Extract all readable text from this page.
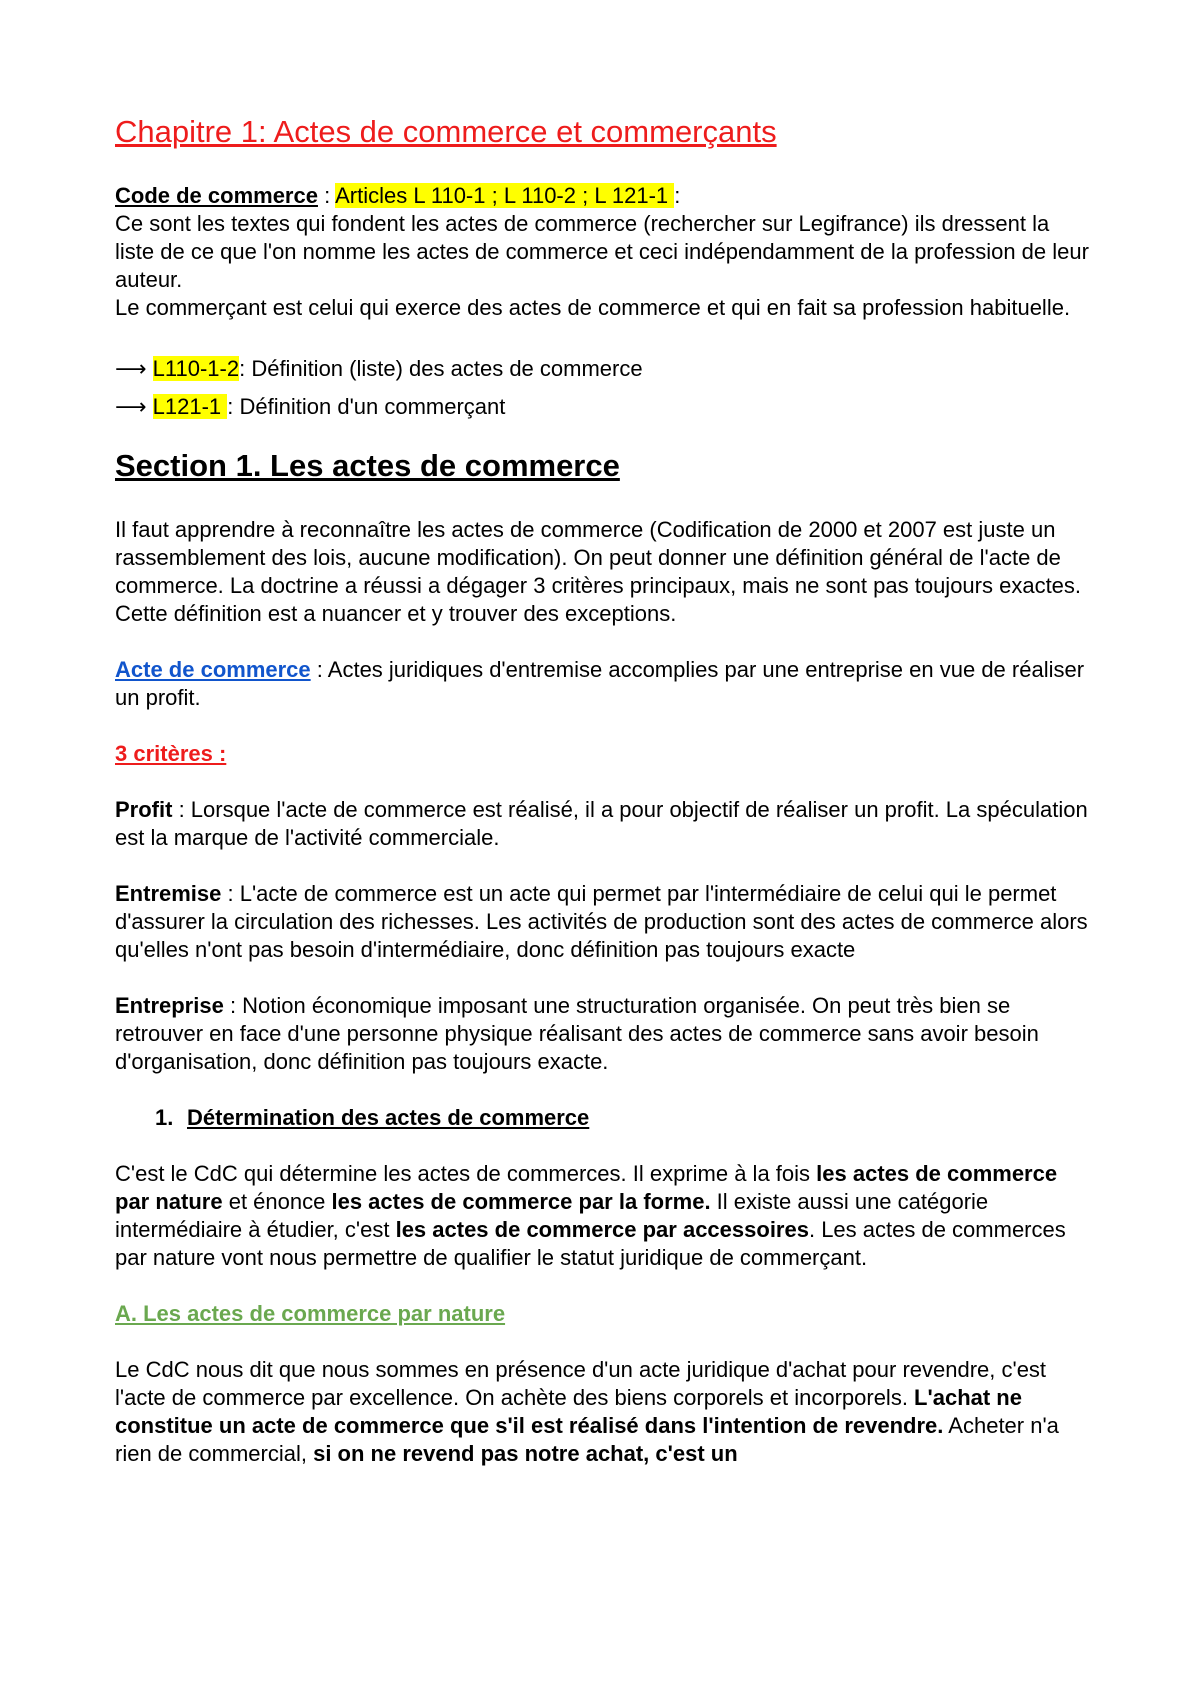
Chapitre 1: Actes de commerce et commerçants

Code de commerce : Articles L 110-1 ; L 110-2 ; L 121-1 :

Ce sont les textes qui fondent les actes de commerce (rechercher sur Legifrance) ils dressent la liste de ce que l'on nomme les actes de commerce et ceci indépendamment de la profession de leur auteur.

Le commerçant est celui qui exerce des actes de commerce et qui en fait sa profession habituelle.

⟶ L110-1-2: Définition (liste) des actes de commerce

⟶ L121-1 : Définition d'un commerçant

Section 1. Les actes de commerce

Il faut apprendre à reconnaître les actes de commerce (Codification de 2000 et 2007 est juste un rassemblement des lois, aucune modification). On peut donner une définition général de l'acte de commerce. La doctrine a réussi a dégager 3 critères principaux, mais ne sont pas toujours exactes. Cette définition est a nuancer et y trouver des exceptions.

Acte de commerce : Actes juridiques d'entremise accomplies par une entreprise en vue de réaliser un profit.

3 critères :

Profit : Lorsque l'acte de commerce est réalisé, il a pour objectif de réaliser un profit. La spéculation est la marque de l'activité commerciale.

Entremise : L'acte de commerce est un acte qui permet par l'intermédiaire de celui qui le permet d'assurer la circulation des richesses. Les activités de production sont des actes de commerce alors qu'elles n'ont pas besoin d'intermédiaire, donc définition pas toujours exacte

Entreprise : Notion économique imposant une structuration organisée. On peut très bien se retrouver en face d'une personne physique réalisant des actes de commerce sans avoir besoin d'organisation, donc définition pas toujours exacte.

1. Détermination des actes de commerce

C'est le CdC qui détermine les actes de commerces. Il exprime à la fois les actes de commerce par nature et énonce les actes de commerce par la forme. Il existe aussi une catégorie intermédiaire à étudier, c'est les actes de commerce par accessoires. Les actes de commerces par nature vont nous permettre de qualifier le statut juridique de commerçant.

A. Les actes de commerce par nature

Le CdC nous dit que nous sommes en présence d'un acte juridique d'achat pour revendre, c'est l'acte de commerce par excellence. On achète des biens corporels et incorporels. L'achat ne constitue un acte de commerce que s'il est réalisé dans l'intention de revendre. Acheter n'a rien de commercial, si on ne revend pas notre achat, c'est un
